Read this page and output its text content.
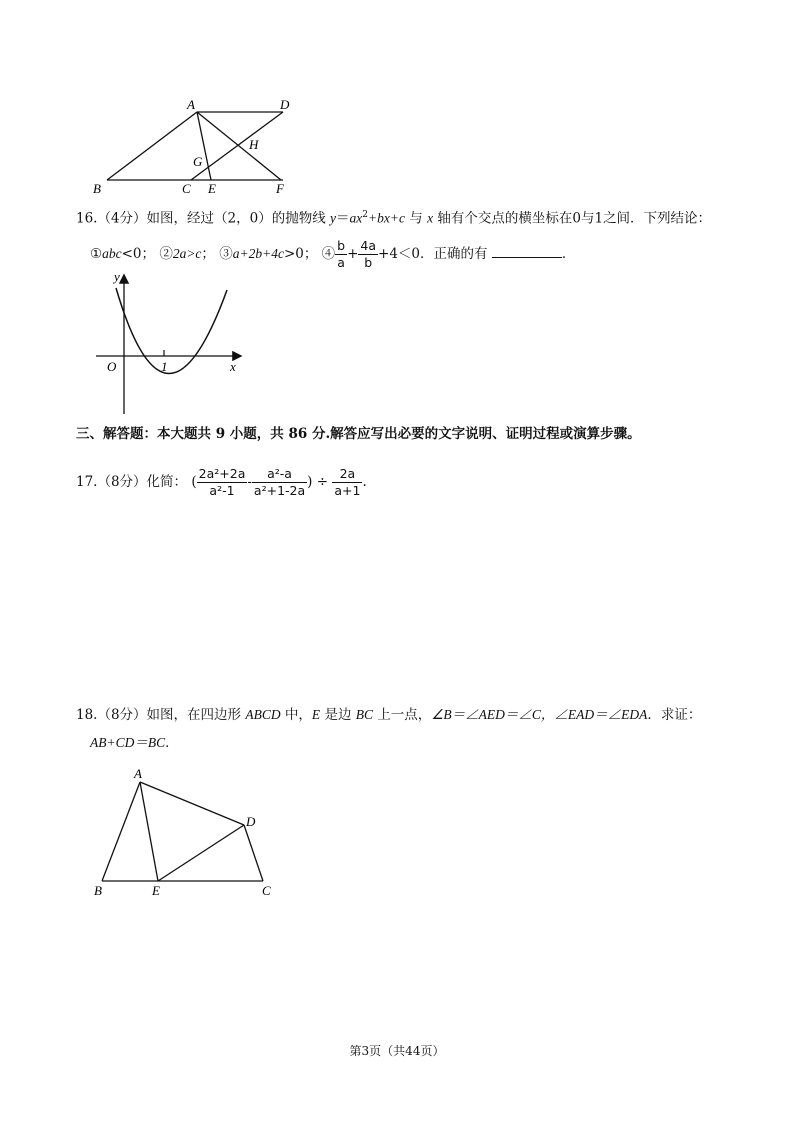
A	D
H
G
B	C E	F
16.（4分）如图，经过（2，0）的抛物线 $y=ax^2+bx+c$ 与 x 轴有个交点的横坐标在0与1之间．下列结论：
①abc<0； ②2a>c； ③a+2b+4c>0； ④ $\frac{b}{a} + \frac{4a}{b} +4<0$．正确的有	．
y
O	1	x
三、解答题：本大题共 9 小题，共 86 分.解答应写出必要的文字说明、证明过程或演算步骤。
17.（8分）化简： ( $\frac{\text{2a²+2a}}{\text{a²-1}} - \frac{\text{a²-a}}{\text{a²+1-2a}}$ ) ÷ $\frac{2a}{a+1}$ .
18.（8分）如图，在四边形 ABCD 中，E 是边 BC 上一点，∠B＝∠AED＝∠C，∠EAD＝∠EDA．求证：
AB+CD＝BC．
A
D
B	E	C
第3页（共44页）
